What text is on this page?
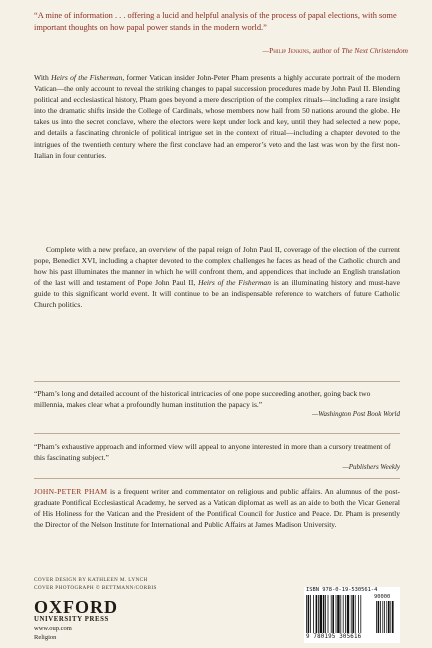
“A mine of information . . . offering a lucid and helpful analysis of the process of papal elections, with some important thoughts on how papal power stands in the modern world.”
—Philip Jenkins, author of The Next Christendom
With Heirs of the Fisherman, former Vatican insider John-Peter Pham presents a highly accurate portrait of the modern Vatican—the only account to reveal the striking changes to papal succession procedures made by John Paul II. Blending political and ecclesiastical history, Pham goes beyond a mere description of the complex rituals—including a rare insight into the dramatic shifts inside the College of Cardinals, whose members now hail from 50 nations around the globe. He takes us into the secret conclave, where the electors were kept under lock and key, until they had selected a new pope, and details a fascinating chronicle of political intrigue set in the context of ritual—including a chapter devoted to the intrigues of the twentieth century where the first conclave had an emperor’s veto and the last was won by the first non-Italian in four centuries.
Complete with a new preface, an overview of the papal reign of John Paul II, coverage of the election of the current pope, Benedict XVI, including a chapter devoted to the complex challenges he faces as head of the Catholic church and how his past illuminates the manner in which he will confront them, and appendices that include an English translation of the last will and testament of Pope John Paul II, Heirs of the Fisherman is an illuminating history and must-have guide to this significant world event. It will continue to be an indispensable reference to watchers of future Catholic Church politics.
“Pham’s long and detailed account of the historical intricacies of one pope succeeding another, going back two millennia, makes clear what a profoundly human institution the papacy is.”
—Washington Post Book World
“Pham’s exhaustive approach and informed view will appeal to anyone interested in more than a cursory treatment of this fascinating subject.”
—Publishers Weekly
JOHN-PETER PHAM is a frequent writer and commentator on religious and public affairs. An alumnus of the post-graduate Pontifical Ecclesiastical Academy, he served as a Vatican diplomat as well as an aide to both the Vicar General of His Holiness for the Vatican and the President of the Pontifical Council for Justice and Peace. Dr. Pham is presently the Director of the Nelson Institute for International and Public Affairs at James Madison University.
COVER DESIGN BY KATHLEEN M. LYNCH
COVER PHOTOGRAPH © BETTMANN/CORBIS
OXFORD
UNIVERSITY PRESS
www.oup.com
Religion
ISBN 978-0-19-530561-4
90000
9 780195 305616
